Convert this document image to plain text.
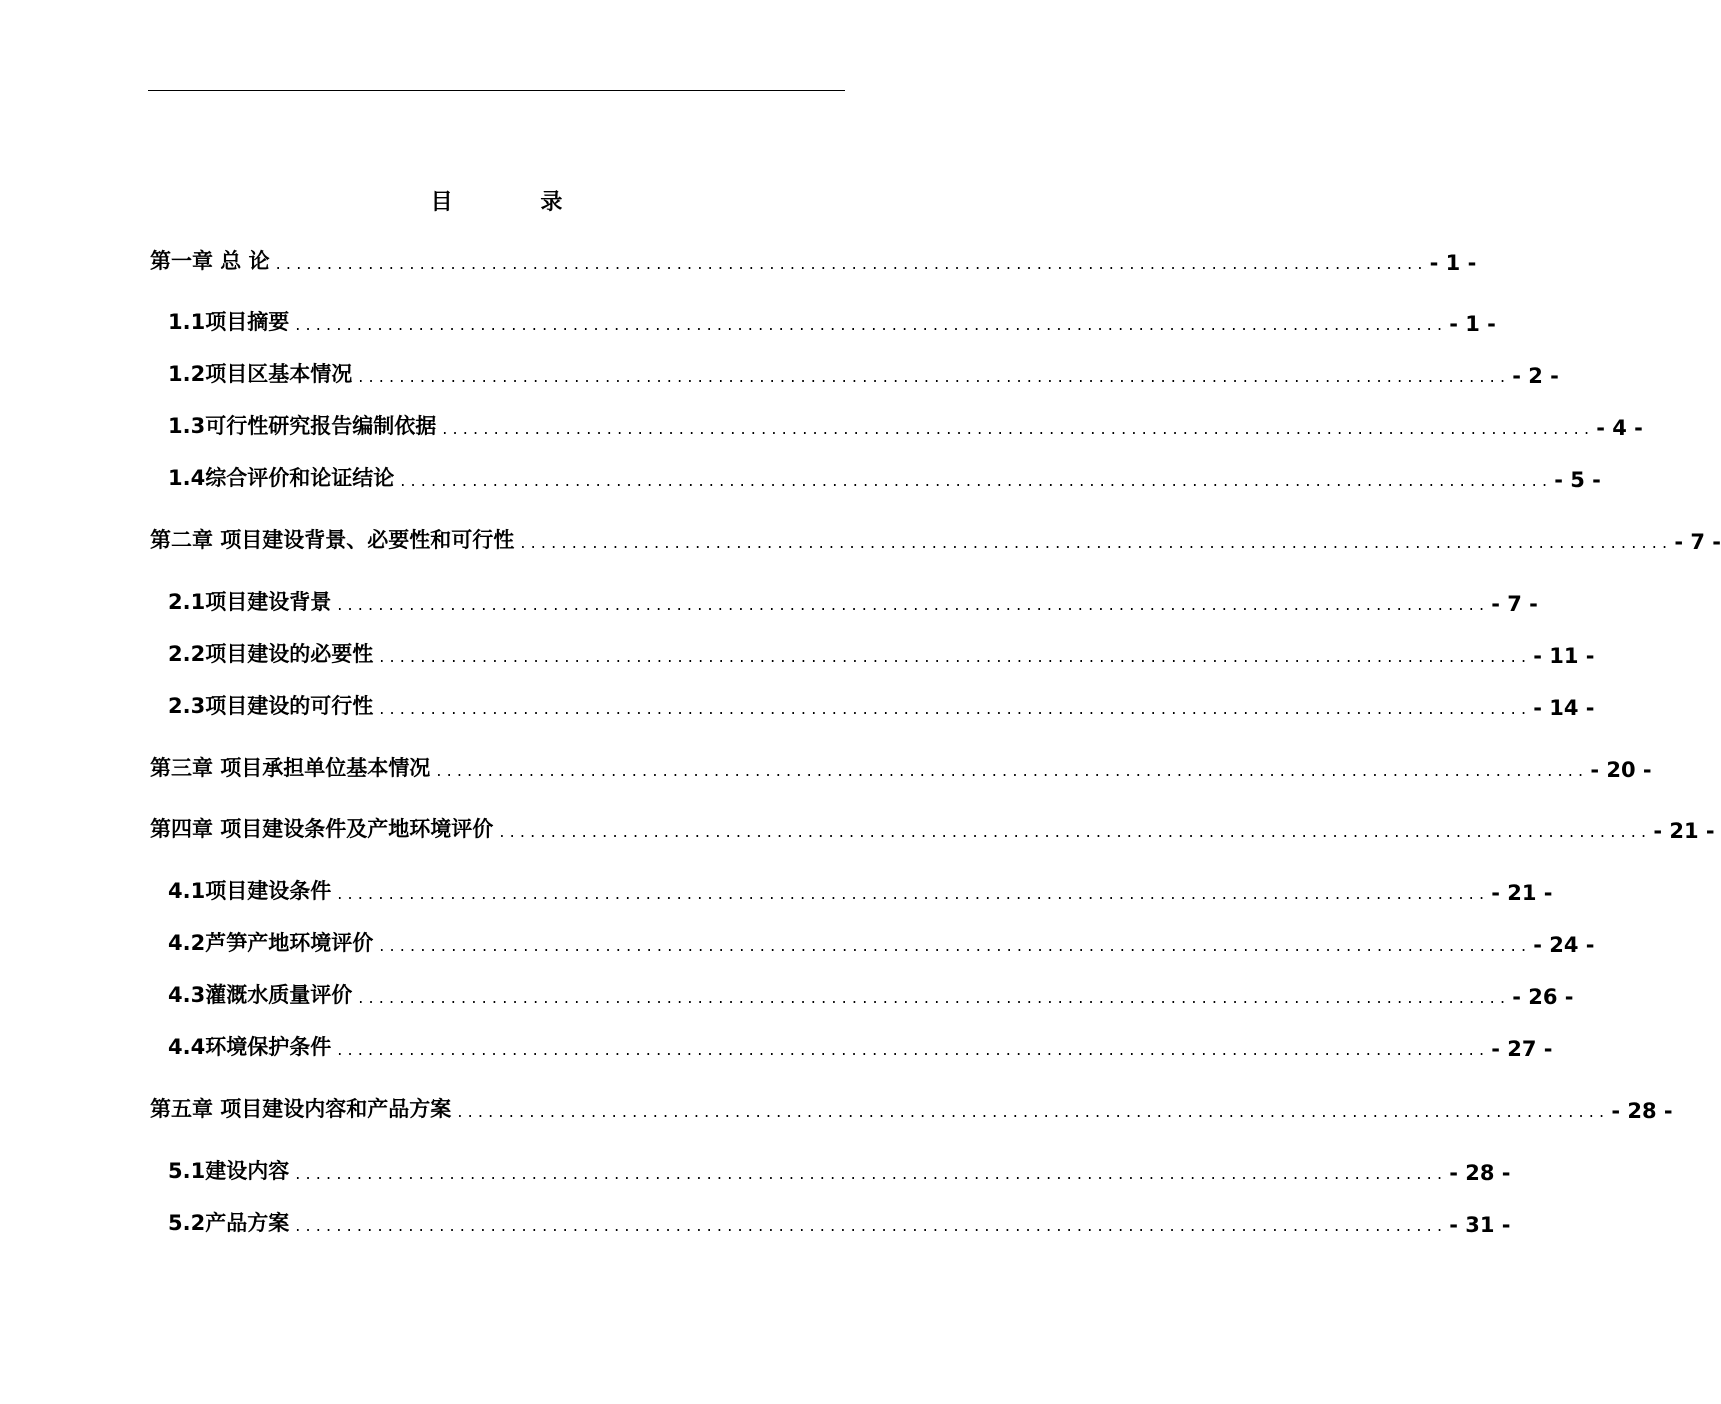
目 录
第一章 总 论 ................................................................................................................ - 1 -
1.1项目摘要 ................................................................................................................ - 1 -
1.2项目区基本情况 ................................................................................................................ - 2 -
1.3可行性研究报告编制依据 ................................................................................................................ - 4 -
1.4综合评价和论证结论 ................................................................................................................ - 5 -
第二章 项目建设背景、必要性和可行性 ................................................................................................................ - 7 -
2.1项目建设背景 ................................................................................................................ - 7 -
2.2项目建设的必要性 ................................................................................................................ - 11 -
2.3项目建设的可行性 ................................................................................................................ - 14 -
第三章 项目承担单位基本情况 ................................................................................................................ - 20 -
第四章 项目建设条件及产地环境评价 ................................................................................................................ - 21 -
4.1项目建设条件 ................................................................................................................ - 21 -
4.2芦笋产地环境评价 ................................................................................................................ - 24 -
4.3灌溉水质量评价 ................................................................................................................ - 26 -
4.4环境保护条件 ................................................................................................................ - 27 -
第五章 项目建设内容和产品方案 ................................................................................................................ - 28 -
5.1建设内容 ................................................................................................................ - 28 -
5.2产品方案 ................................................................................................................ - 31 -
